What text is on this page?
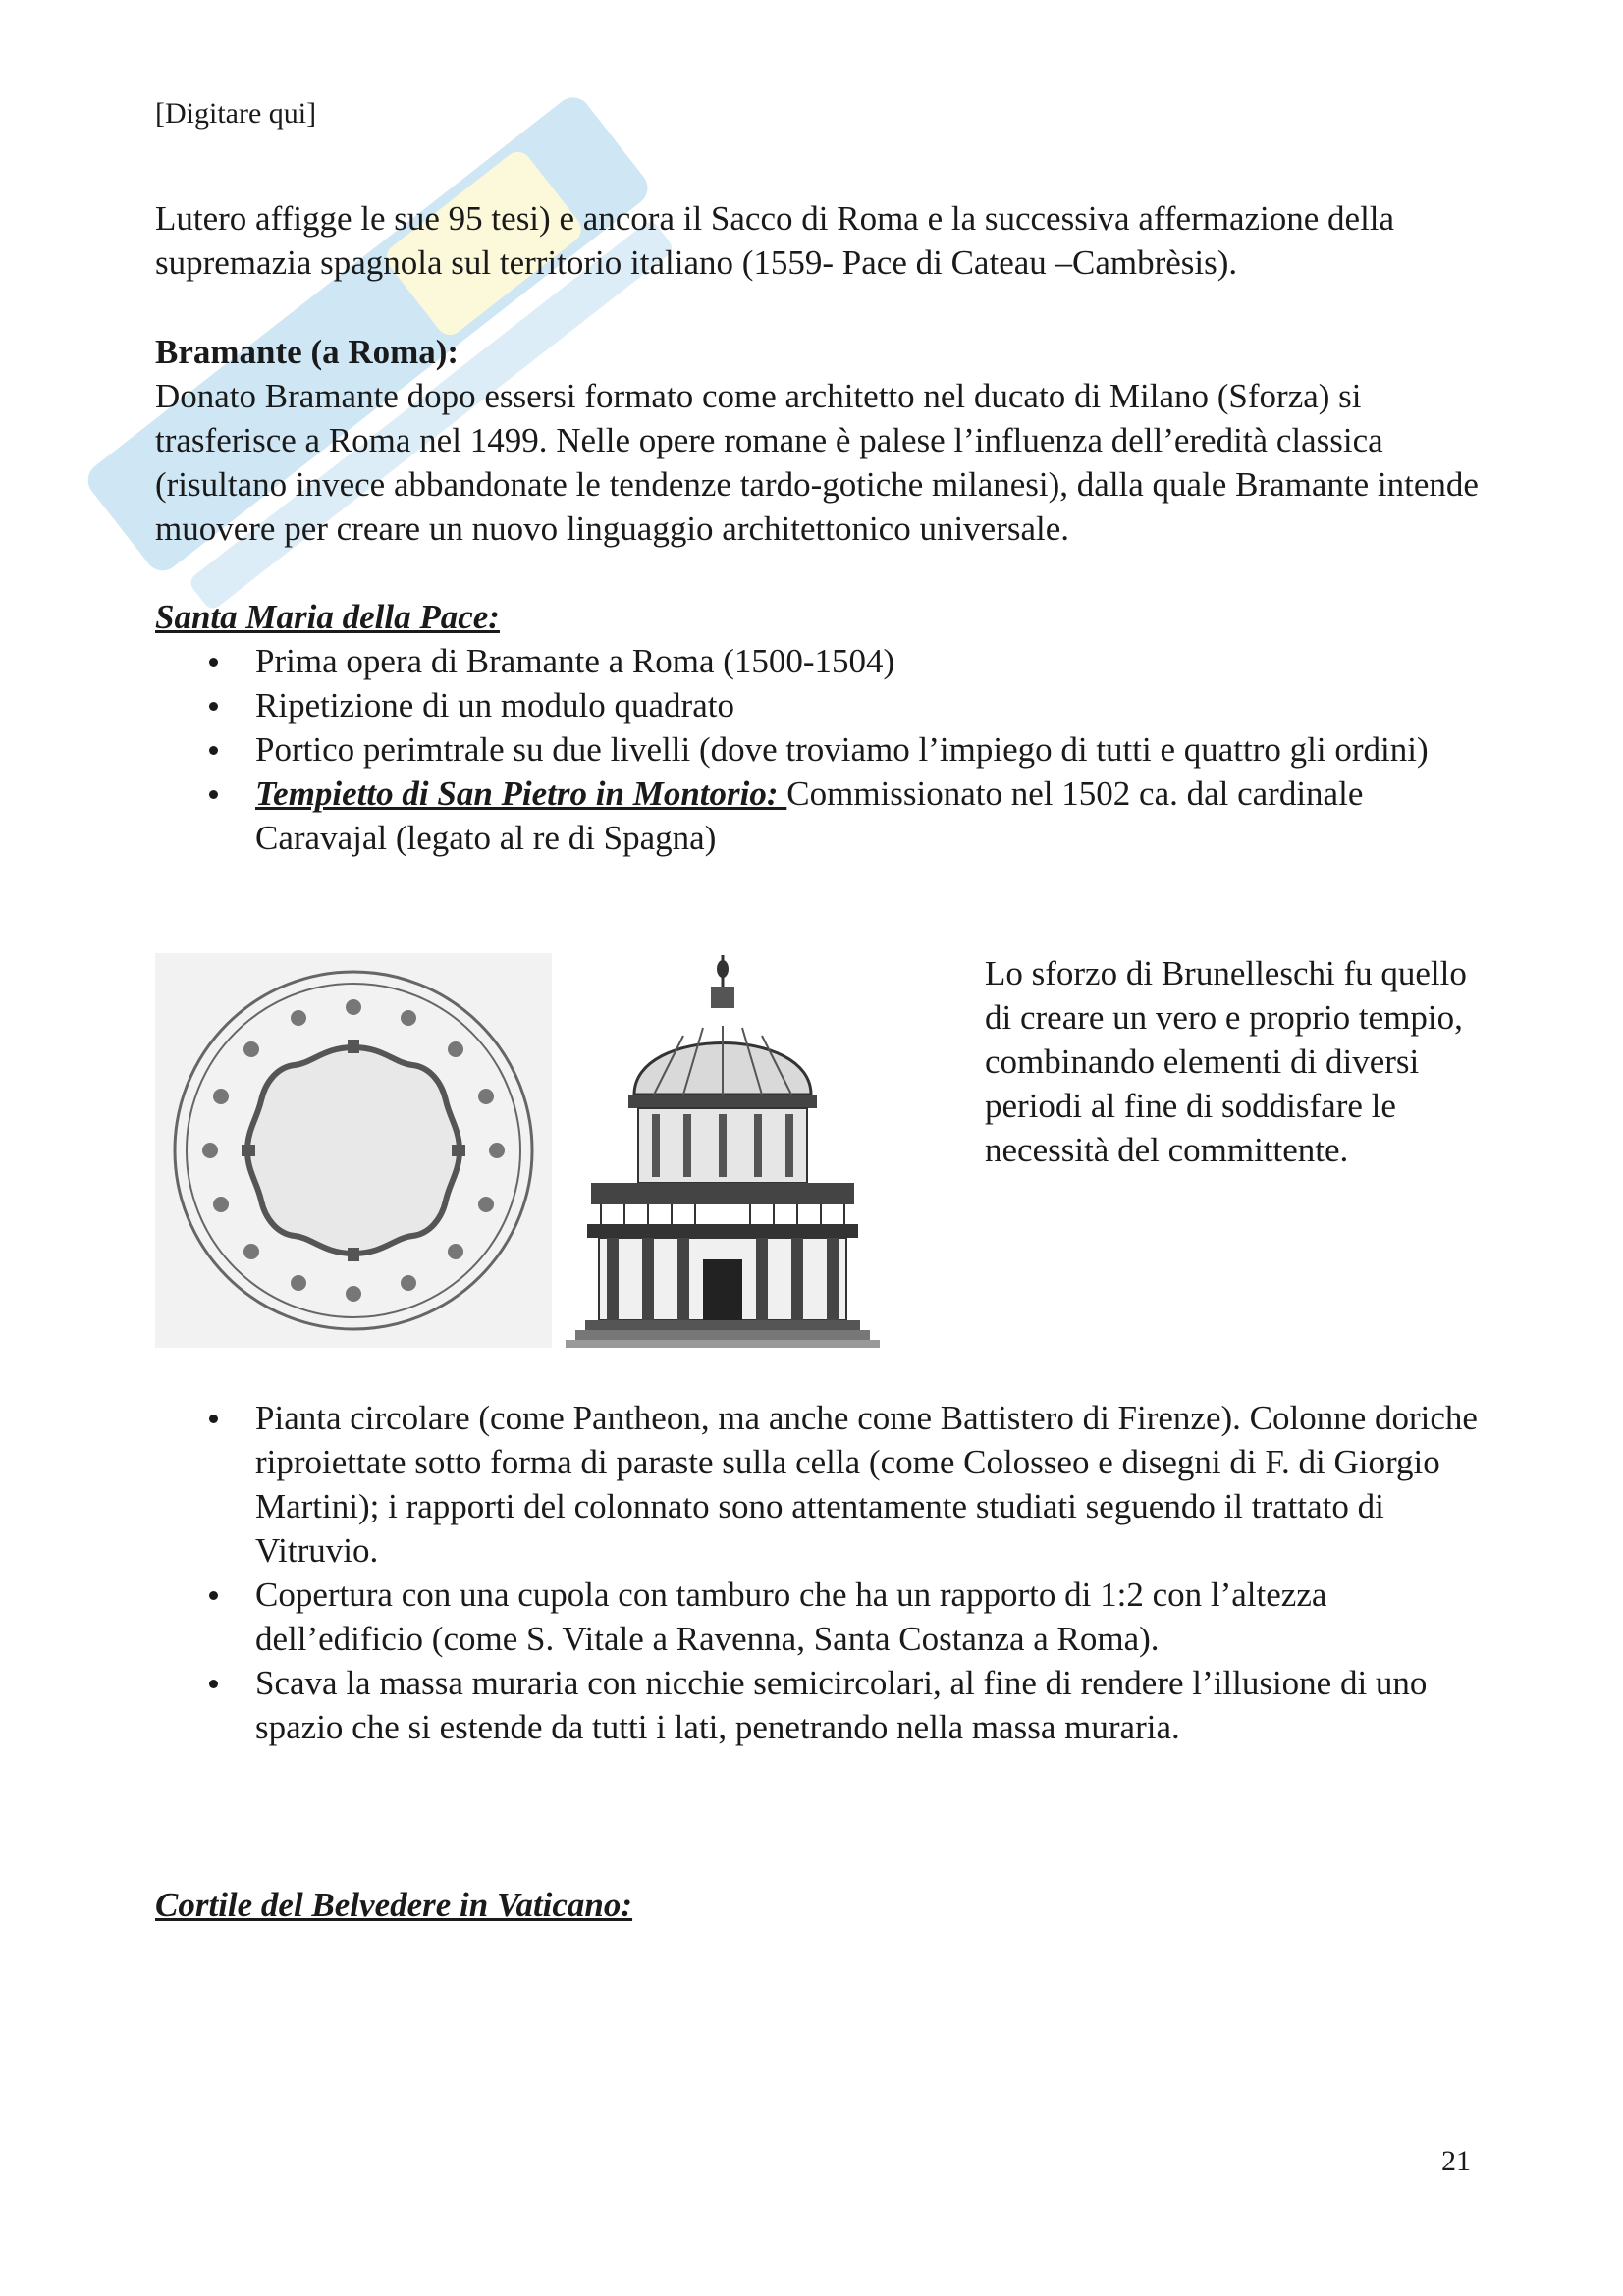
[Digitare qui]
Lutero affigge le sue 95 tesi) e ancora il Sacco di Roma e la successiva affermazione della supremazia spagnola sul territorio italiano (1559- Pace di Cateau –Cambrèsis).
Bramante (a Roma):
Donato Bramante dopo essersi formato come architetto nel ducato di Milano (Sforza) si trasferisce a Roma nel 1499. Nelle opere romane è palese l’influenza dell’eredità classica (risultano invece abbandonate le tendenze tardo-gotiche milanesi), dalla quale Bramante intende muovere per creare un nuovo linguaggio architettonico universale.
Santa Maria della Pace:
Prima opera di Bramante a Roma (1500-1504)
Ripetizione di un modulo quadrato
Portico perimtrale su due livelli (dove troviamo l’impiego di tutti e quattro gli ordini)
Tempietto di San Pietro in Montorio: Commissionato nel 1502 ca. dal cardinale Caravajal (legato al re di Spagna)
Lo sforzo di Brunelleschi fu quello di creare un vero e proprio tempio, combinando elementi di diversi periodi al fine di soddisfare le necessità del committente.
Pianta circolare (come Pantheon, ma anche come Battistero di Firenze). Colonne doriche riproiettate sotto forma di paraste sulla cella (come Colosseo e disegni di F. di Giorgio Martini); i rapporti del colonnato sono attentamente studiati seguendo il trattato di Vitruvio.
Copertura con una cupola con tamburo che ha un rapporto di 1:2 con l’altezza dell’edificio (come S. Vitale a Ravenna, Santa Costanza a Roma).
Scava la massa muraria con nicchie semicircolari, al fine di rendere l’illusione di uno spazio che si estende da tutti i lati, penetrando nella massa muraria.
Cortile del Belvedere in Vaticano:
21
